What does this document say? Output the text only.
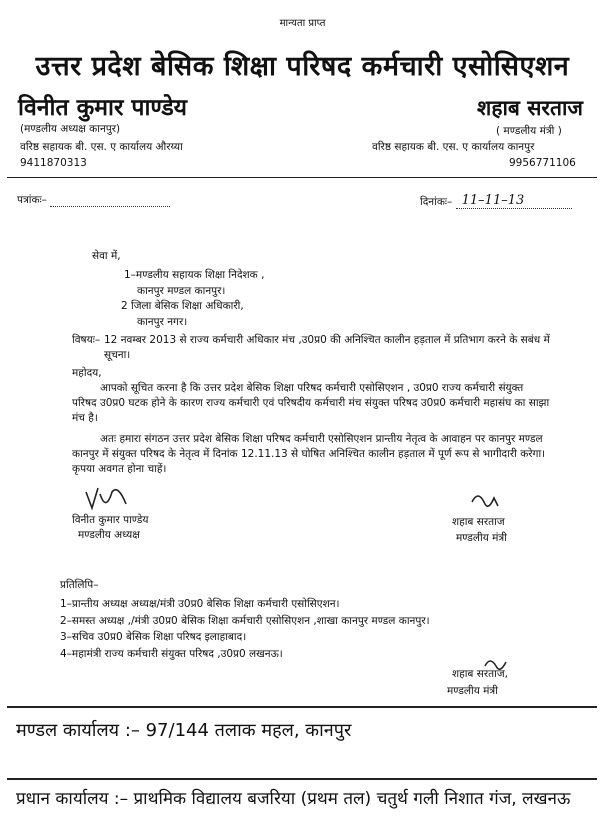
मान्यता प्राप्त
उत्तर प्रदेश बेसिक शिक्षा परिषद कर्मचारी एसोसिएशन
विनीत कुमार पाण्डेय
(मण्डलीय अध्यक्ष कानपुर)
वरिष्ठ सहायक बी. एस. ए कार्यालय औरय्या
9411870313
शहाब सरताज
( मण्डलीय मंत्री )
वरिष्ठ सहायक बी. एस. ए कार्यालय कानपुर
9956771106
पत्रांकः–	दिनांकः– 11–11–13
सेवा में,
1–मण्डलीय सहायक शिक्षा निदेशक ,
कानपुर मण्डल कानपुर।
2 जिला बेसिक शिक्षा अधिकारी,
कानपुर नगर।
विषयः– 12 नवम्बर 2013 से राज्य कर्मचारी अधिकार मंच ,उ0प्र0 की अनिश्चित कालीन हड़ताल में प्रतिभाग करने के सबंध में सूचना।
महोदय,
आपको सूचित करना है कि उत्तर प्रदेश बेसिक शिक्षा परिषद कर्मचारी एसोसिएशन , उ0प्र0 राज्य कर्मचारी संयुक्त परिषद उ0प्र0 घटक होने के कारण राज्य कर्मचारी एवं परिषदीय कर्मचारी मंच संयुक्त परिषद उ0प्र0 कर्मचारी महासंघ का साझा मंच है।
अतः हमारा संगठन उत्तर प्रदेश बेसिक शिक्षा परिषद कर्मचारी एसोसिएशन प्रान्तीय नेतृत्व के आवाहन पर कानपुर मण्डल कानपुर में संयुक्त परिषद के नेतृत्व में दिनांक 12.11.13 से घोषित अनिश्चित कालीन हड़ताल में पूर्ण रूप से भागीदारी करेगा। कृपया अवगत होना चाहें।
विनीत कुमार पाण्डेय
मण्डलीय अध्यक्ष
शहाब सरताज
मण्डलीय मंत्री
प्रतिलिपि–
1–प्रान्तीय अध्यक्ष अध्यक्ष/मंत्री उ0प्र0 बेसिक शिक्षा कर्मचारी एसोसिएशन।
2–समस्त अध्यक्ष ,/मंत्री उ0प्र0 बेसिक शिक्षा कर्मचारी एसोसिएशन ,शाखा कानपुर मण्डल कानपुर।
3–सचिव उ0प्र0 बेसिक शिक्षा परिषद इलाहाबाद।
4–महामंत्री राज्य कर्मचारी संयुक्त परिषद ,उ0प्र0 लखनऊ।
शहाब सरताज,
मण्डलीय मंत्री
मण्डल कार्यालय :– 97/144 तलाक महल, कानपुर
प्रधान कार्यालय :– प्राथमिक विद्यालय बजरिया (प्रथम तल) चतुर्थ गली निशात गंज, लखनऊ
